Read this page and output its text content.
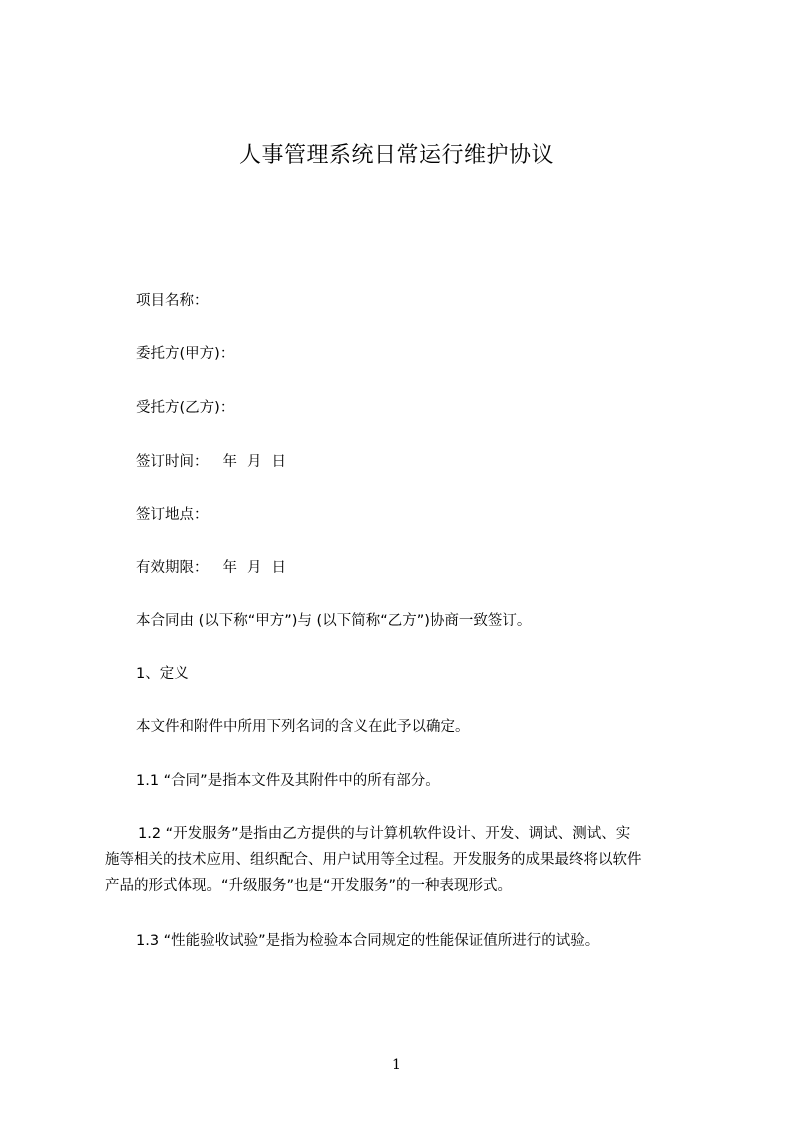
人事管理系统日常运行维护协议
项目名称：
委托方(甲方)：
受托方(乙方)：
签订时间： 年 月 日
签订地点：
有效期限： 年 月 日
本合同由 (以下称“甲方”)与 (以下简称“乙方”)协商一致签订。
1、定义
本文件和附件中所用下列名词的含义在此予以确定。
1.1 “合同”是指本文件及其附件中的所有部分。
1.2 “开发服务”是指由乙方提供的与计算机软件设计、开发、调试、测试、实
施等相关的技术应用、组织配合、用户试用等全过程。开发服务的成果最终将以软件
产品的形式体现。“升级服务”也是“开发服务”的一种表现形式。
1.3 “性能验收试验”是指为检验本合同规定的性能保证值所进行的试验。
1
